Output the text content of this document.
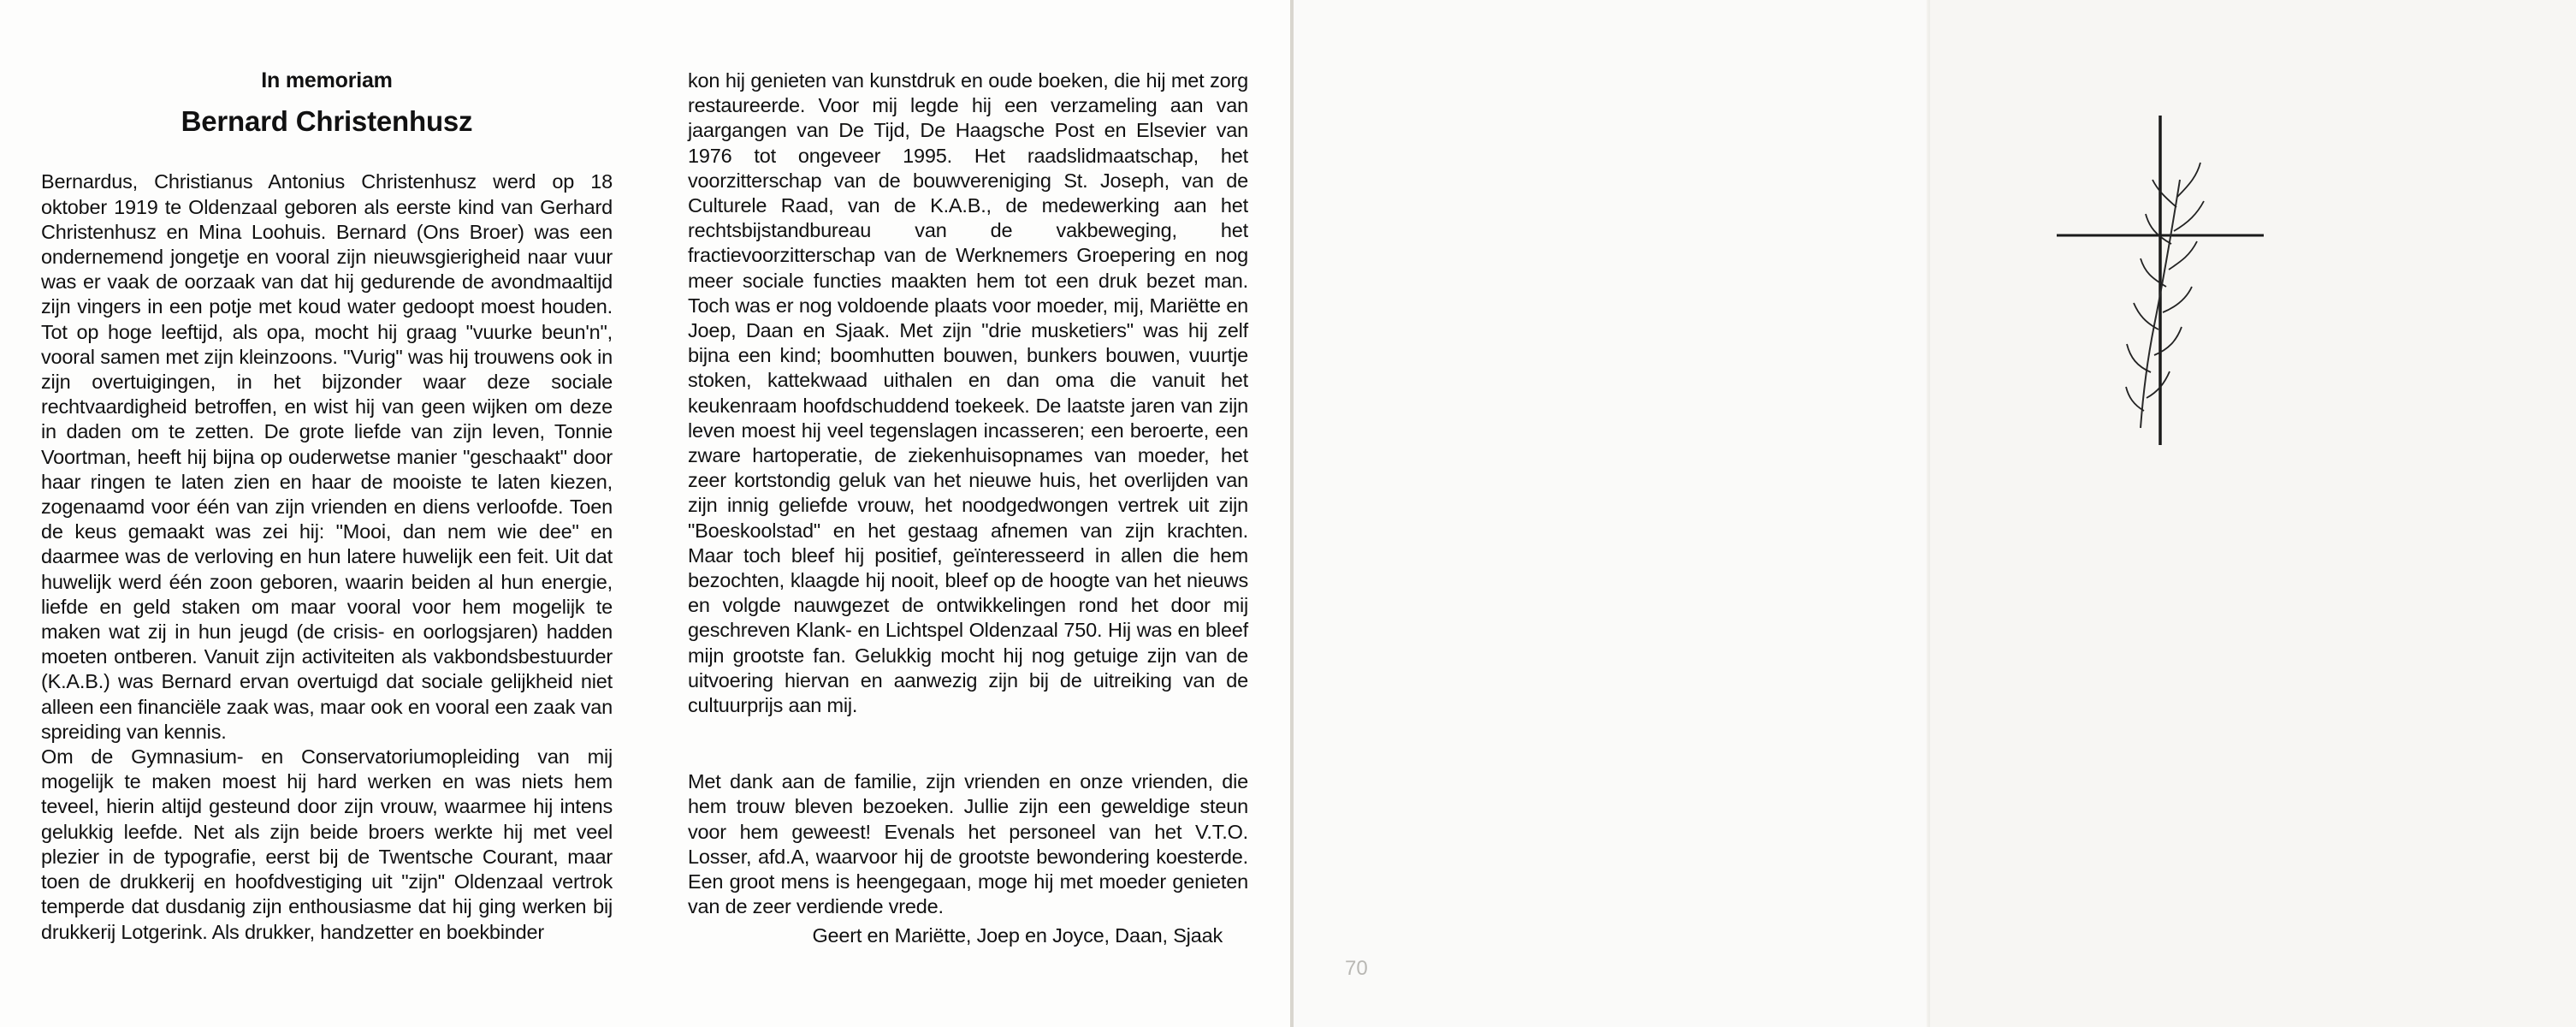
In memoriam
Bernard Christenhusz

Bernardus, Christianus Antonius Christenhusz werd op 18 oktober 1919 te Oldenzaal geboren als eerste kind van Gerhard Christenhusz en Mina Loohuis. Bernard (Ons Broer) was een ondernemend jongetje en vooral zijn nieuwsgierigheid naar vuur was er vaak de oorzaak van dat hij gedurende de avondmaaltijd zijn vingers in een potje met koud water gedoopt moest houden. Tot op hoge leeftijd, als opa, mocht hij graag "vuurke beun'n", vooral samen met zijn kleinzoons. "Vurig" was hij trouwens ook in zijn overtuigingen, in het bijzonder waar deze sociale rechtvaardigheid betroffen, en wist hij van geen wijken om deze in daden om te zetten. De grote liefde van zijn leven, Tonnie Voortman, heeft hij bijna op ouderwetse manier "geschaakt" door haar ringen te laten zien en haar de mooiste te laten kiezen, zogenaamd voor één van zijn vrienden en diens verloofde. Toen de keus gemaakt was zei hij: "Mooi, dan nem wie dee" en daarmee was de verloving en hun latere huwelijk een feit. Uit dat huwelijk werd één zoon geboren, waarin beiden al hun energie, liefde en geld staken om maar vooral voor hem mogelijk te maken wat zij in hun jeugd (de crisis- en oorlogsjaren) hadden moeten ontberen. Vanuit zijn activiteiten als vakbondsbestuurder (K.A.B.) was Bernard ervan overtuigd dat sociale gelijkheid niet alleen een financiële zaak was, maar ook en vooral een zaak van spreiding van kennis.

Om de Gymnasium- en Conservatoriumopleiding van mij mogelijk te maken moest hij hard werken en was niets hem teveel, hierin altijd gesteund door zijn vrouw, waarmee hij intens gelukkig leefde. Net als zijn beide broers werkte hij met veel plezier in de typografie, eerst bij de Twentsche Courant, maar toen de drukkerij en hoofdvestiging uit "zijn" Oldenzaal vertrok temperde dat dusdanig zijn enthousiasme dat hij ging werken bij drukkerij Lotgerink. Als drukker, handzetter en boekbinder

kon hij genieten van kunstdruk en oude boeken, die hij met zorg restaureerde. Voor mij legde hij een verzameling aan van jaargangen van De Tijd, De Haagsche Post en Elsevier van 1976 tot ongeveer 1995. Het raadslidmaatschap, het voorzitterschap van de bouwvereniging St. Joseph, van de Culturele Raad, van de K.A.B., de medewerking aan het rechtsbijstandbureau van de vakbeweging, het fractievoorzitterschap van de Werknemers Groepering en nog meer sociale functies maakten hem tot een druk bezet man. Toch was er nog voldoende plaats voor moeder, mij, Mariëtte en Joep, Daan en Sjaak. Met zijn "drie musketiers" was hij zelf bijna een kind; boomhutten bouwen, bunkers bouwen, vuurtje stoken, kattekwaad uithalen en dan oma die vanuit het keukenraam hoofdschuddend toekeek. De laatste jaren van zijn leven moest hij veel tegenslagen incasseren; een beroerte, een zware hartoperatie, de ziekenhuisopnames van moeder, het zeer kortstondig geluk van het nieuwe huis, het overlijden van zijn innig geliefde vrouw, het noodgedwongen vertrek uit zijn "Boeskoolstad" en het gestaag afnemen van zijn krachten. Maar toch bleef hij positief, geïnteresseerd in allen die hem bezochten, klaagde hij nooit, bleef op de hoogte van het nieuws en volgde nauwgezet de ontwikkelingen rond het door mij geschreven Klank- en Lichtspel Oldenzaal 750. Hij was en bleef mijn grootste fan. Gelukkig mocht hij nog getuige zijn van de uitvoering hiervan en aanwezig zijn bij de uitreiking van de cultuurprijs aan mij.

Met dank aan de familie, zijn vrienden en onze vrienden, die hem trouw bleven bezoeken. Jullie zijn een geweldige steun voor hem geweest! Evenals het personeel van het V.T.O. Losser, afd.A, waarvoor hij de grootste bewondering koesterde. Een groot mens is heengegaan, moge hij met moeder genieten van de zeer verdiende vrede.

Geert en Mariëtte, Joep en Joyce, Daan, Sjaak
70
